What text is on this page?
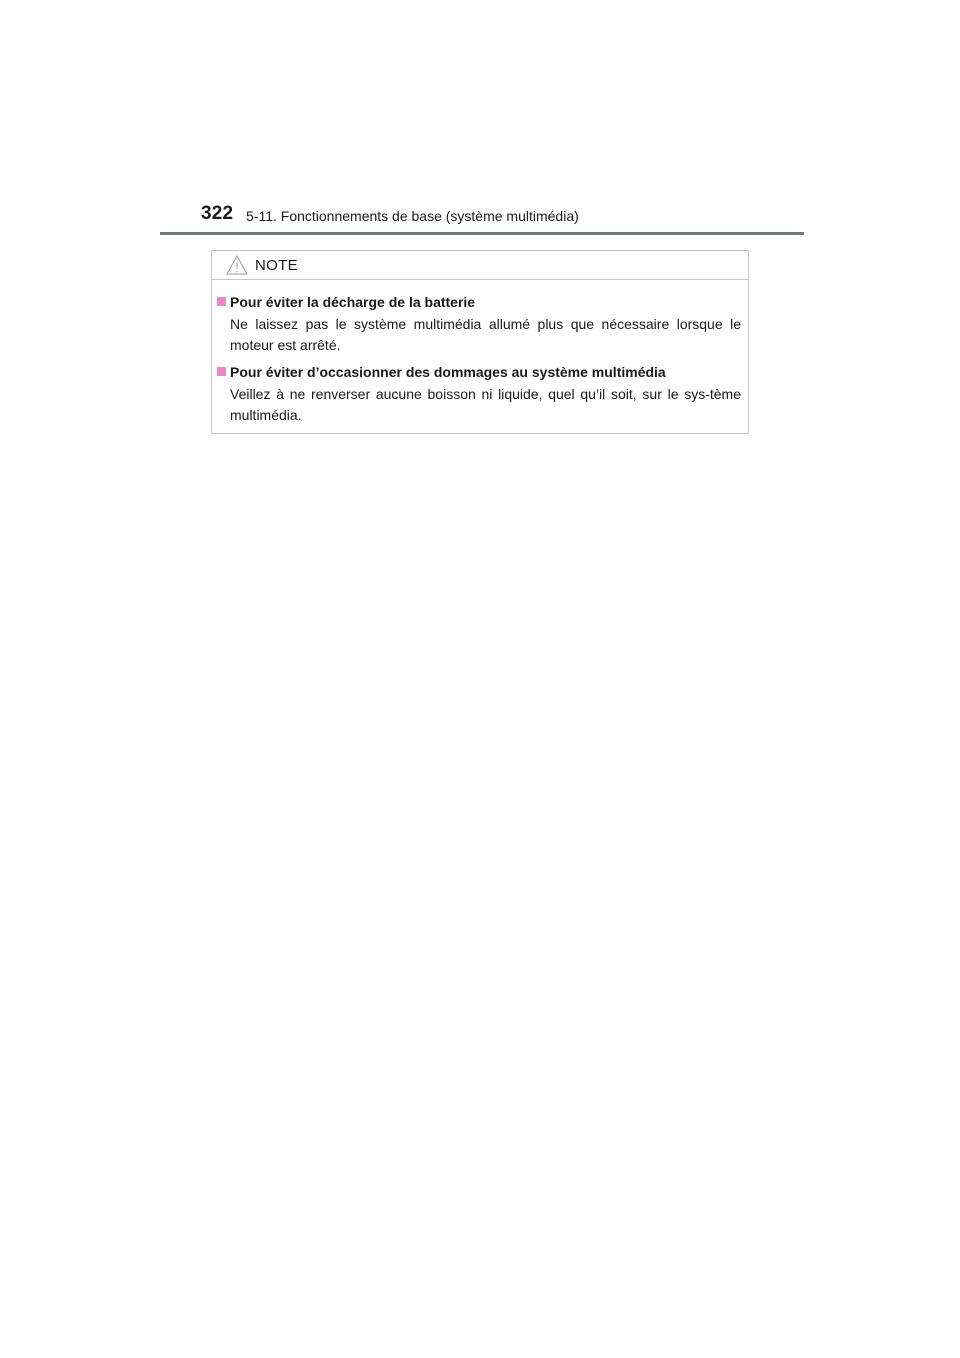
322 5-11. Fonctionnements de base (système multimédia)
NOTE
Pour éviter la décharge de la batterie
Ne laissez pas le système multimédia allumé plus que nécessaire lorsque le moteur est arrêté.
Pour éviter d’occasionner des dommages au système multimédia
Veillez à ne renverser aucune boisson ni liquide, quel qu’il soit, sur le sys-tème multimédia.
